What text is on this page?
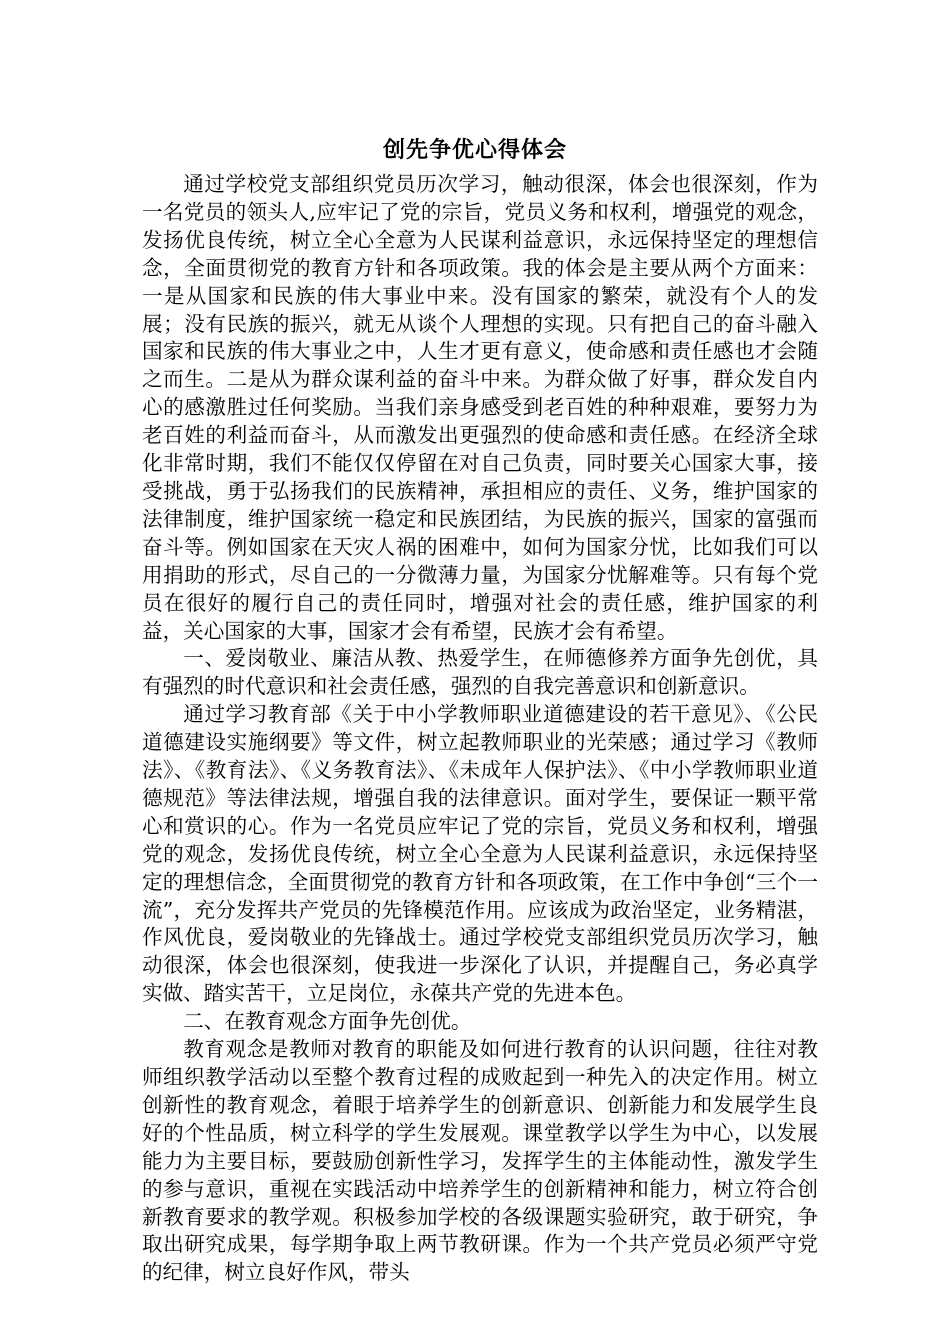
创先争优心得体会

通过学校党支部组织党员历次学习，触动很深，体会也很深刻，作为一名党员的领头人,应牢记了党的宗旨，党员义务和权利，增强党的观念，发扬优良传统，树立全心全意为人民谋利益意识，永远保持坚定的理想信念，全面贯彻党的教育方针和各项政策。我的体会是主要从两个方面来：一是从国家和民族的伟大事业中来。没有国家的繁荣，就没有个人的发展；没有民族的振兴，就无从谈个人理想的实现。只有把自己的奋斗融入国家和民族的伟大事业之中，人生才更有意义，使命感和责任感也才会随之而生。二是从为群众谋利益的奋斗中来。为群众做了好事，群众发自内心的感激胜过任何奖励。当我们亲身感受到老百姓的种种艰难，要努力为老百姓的利益而奋斗，从而激发出更强烈的使命感和责任感。在经济全球化非常时期，我们不能仅仅停留在对自己负责，同时要关心国家大事，接受挑战，勇于弘扬我们的民族精神，承担相应的责任、义务，维护国家的法律制度，维护国家统一稳定和民族团结，为民族的振兴，国家的富强而奋斗等。例如国家在天灾人祸的困难中，如何为国家分忧，比如我们可以用捐助的形式，尽自己的一分微薄力量，为国家分忧解难等。只有每个党员在很好的履行自己的责任同时，增强对社会的责任感，维护国家的利益，关心国家的大事，国家才会有希望，民族才会有希望。

一、爱岗敬业、廉洁从教、热爱学生，在师德修养方面争先创优，具有强烈的时代意识和社会责任感，强烈的自我完善意识和创新意识。

通过学习教育部《关于中小学教师职业道德建设的若干意见》、《公民道德建设实施纲要》等文件，树立起教师职业的光荣感；通过学习《教师法》、《教育法》、《义务教育法》、《未成年人保护法》、《中小学教师职业道德规范》等法律法规，增强自我的法律意识。面对学生，要保证一颗平常心和赏识的心。作为一名党员应牢记了党的宗旨，党员义务和权利，增强党的观念，发扬优良传统，树立全心全意为人民谋利益意识，永远保持坚定的理想信念，全面贯彻党的教育方针和各项政策，在工作中争创“三个一流”，充分发挥共产党员的先锋模范作用。应该成为政治坚定，业务精湛，作风优良，爱岗敬业的先锋战士。通过学校党支部组织党员历次学习，触动很深，体会也很深刻，使我进一步深化了认识，并提醒自己，务必真学实做、踏实苦干，立足岗位，永葆共产党的先进本色。

二、在教育观念方面争先创优。

教育观念是教师对教育的职能及如何进行教育的认识问题，往往对教师组织教学活动以至整个教育过程的成败起到一种先入的决定作用。树立创新性的教育观念，着眼于培养学生的创新意识、创新能力和发展学生良好的个性品质，树立科学的学生发展观。课堂教学以学生为中心，以发展能力为主要目标，要鼓励创新性学习，发挥学生的主体能动性，激发学生的参与意识，重视在实践活动中培养学生的创新精神和能力，树立符合创新教育要求的教学观。积极参加学校的各级课题实验研究，敢于研究，争取出研究成果，每学期争取上两节教研课。作为一个共产党员必须严守党的纪律，树立良好作风，带头
